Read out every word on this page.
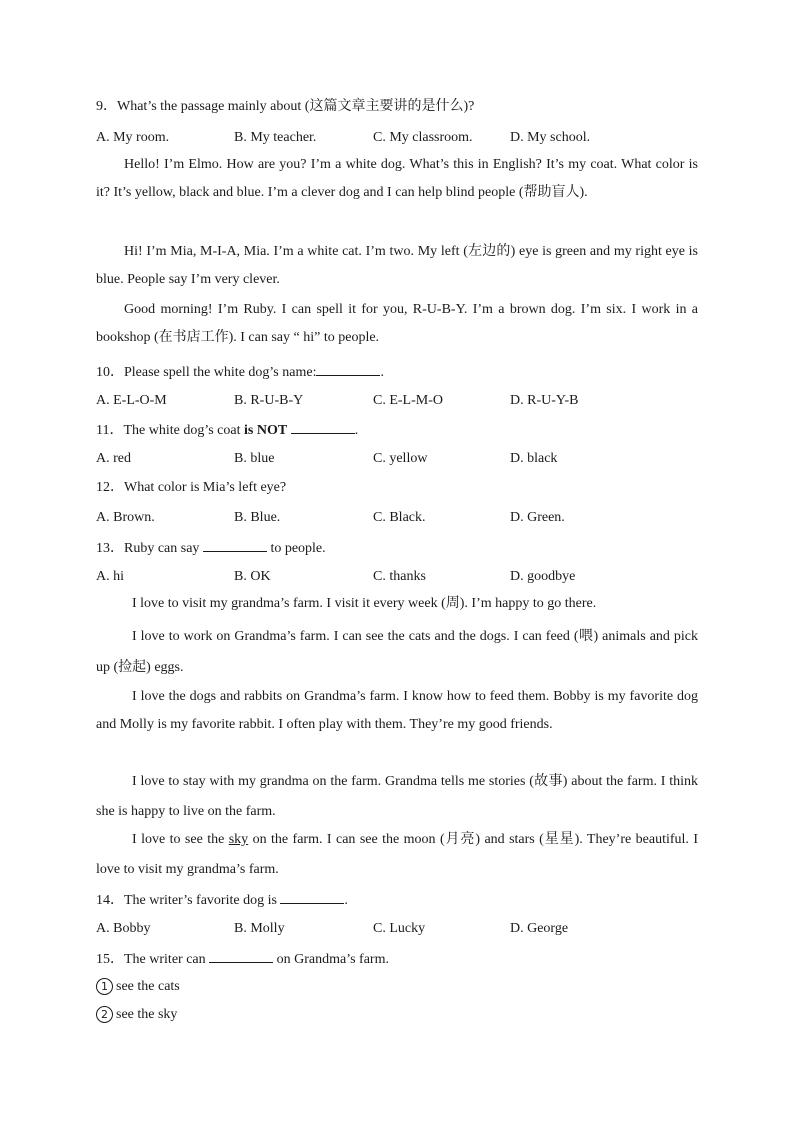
9．What’s the passage mainly about (这篇文章主要讲的是什么)?
A. My room.	B. My teacher.	C. My classroom.	D. My school.
Hello! I’m Elmo. How are you? I’m a white dog. What’s this in English? It’s my coat. What color is it? It’s yellow, black and blue. I’m a clever dog and I can help blind people (帮助盲人).
Hi! I’m Mia, M-I-A, Mia. I’m a white cat. I’m two. My left (左边的) eye is green and my right eye is blue. People say I’m very clever.
Good morning! I’m Ruby. I can spell it for you, R-U-B-Y. I’m a brown dog. I’m six. I work in a bookshop (在书店工作). I can say “ hi” to people.
10．Please spell the white dog’s name:	.
A. E-L-O-M	B. R-U-B-Y	C. E-L-M-O	D. R-U-Y-B
11．The white dog’s coat is NOT	.
A. red	B. blue	C. yellow	D. black
12．What color is Mia’s left eye?
A. Brown.	B. Blue.	C. Black.	D. Green.
13．Ruby can say	to people.
A. hi	B. OK	C. thanks	D. goodbye
I love to visit my grandma’s farm. I visit it every week (周). I’m happy to go there.
I love to work on Grandma’s farm. I can see the cats and the dogs. I can feed (喂) animals and pick up (捡起) eggs.
I love the dogs and rabbits on Grandma’s farm. I know how to feed them. Bobby is my favorite dog and Molly is my favorite rabbit. I often play with them. They’re my good friends.
I love to stay with my grandma on the farm. Grandma tells me stories (故事) about the farm. I think she is happy to live on the farm.
I love to see the sky on the farm. I can see the moon (月亮) and stars (星星). They’re beautiful. I love to visit my grandma’s farm.
14．The writer’s favorite dog is	.
A. Bobby	B. Molly	C. Lucky	D. George
15．The writer can	on Grandma’s farm.
1 see the cats
2 see the sky
